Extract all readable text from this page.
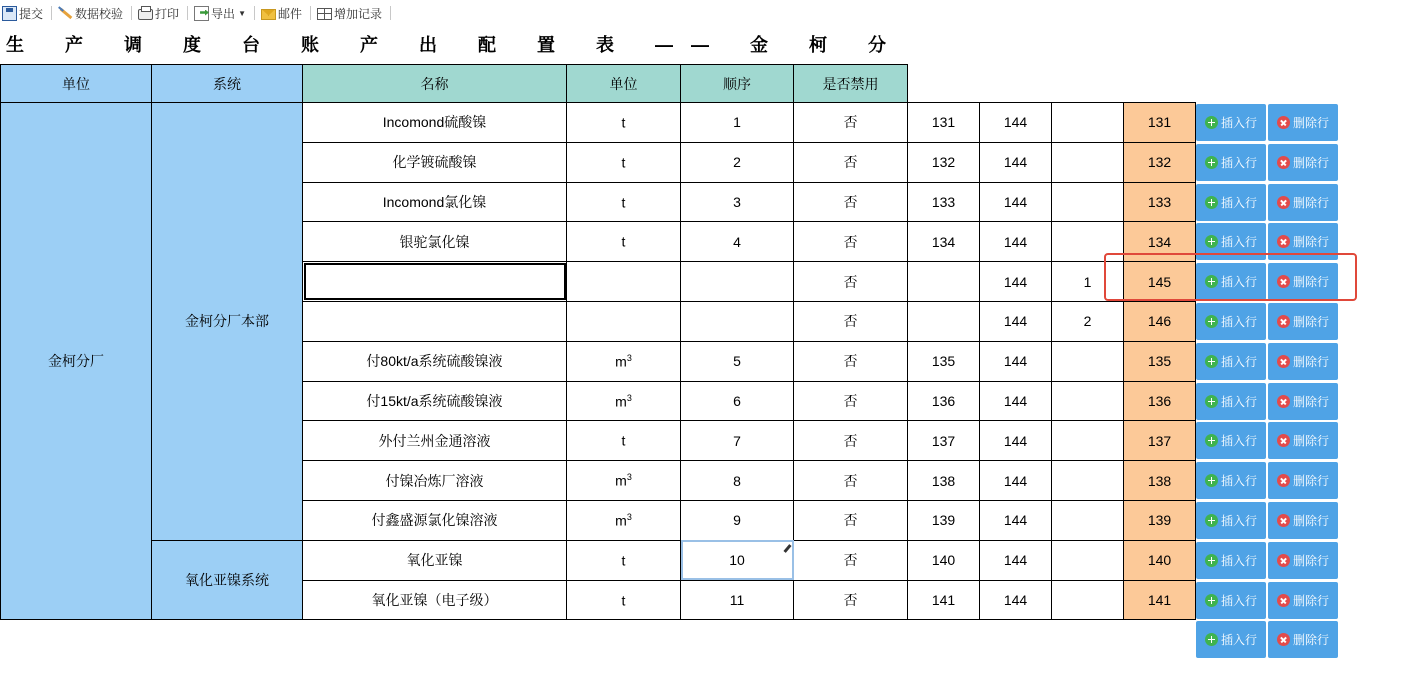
提交	数据校验	打印	导出 ▼	邮件	增加记录
生 产 调 度 台 账 产 出 配 置 表 —— 金 柯 分
单位	系统	名称	单位	顺序	是否禁用				
金柯分厂	金柯分厂本部	Incomond硫酸镍	t	1	否	131	144		131
		化学镀硫酸镍	t	2	否	132	144		132
		Incomond氯化镍	t	3	否	133	144		133
		银驼氯化镍	t	4	否	134	144		134
					否		144	1	145
					否		144	2	146
		付80kt/a系统硫酸镍液	$m^3$	5	否	135	144		135
		付15kt/a系统硫酸镍液	$m^3$	6	否	136	144		136
		外付兰州金通溶液	t	7	否	137	144		137
		付镍冶炼厂溶液	$m^3$	8	否	138	144		138
		付鑫盛源氯化镍溶液	$m^3$	9	否	139	144		139
	氧化亚镍系统	氧化亚镍	t	10	否	140	144		140
		氧化亚镍（电子级）	t	11	否	141	144		141
插入行	删除行
插入行	删除行
插入行	删除行
插入行	删除行
插入行	删除行
插入行	删除行
插入行	删除行
插入行	删除行
插入行	删除行
插入行	删除行
插入行	删除行
插入行	删除行
插入行	删除行
插入行	删除行
